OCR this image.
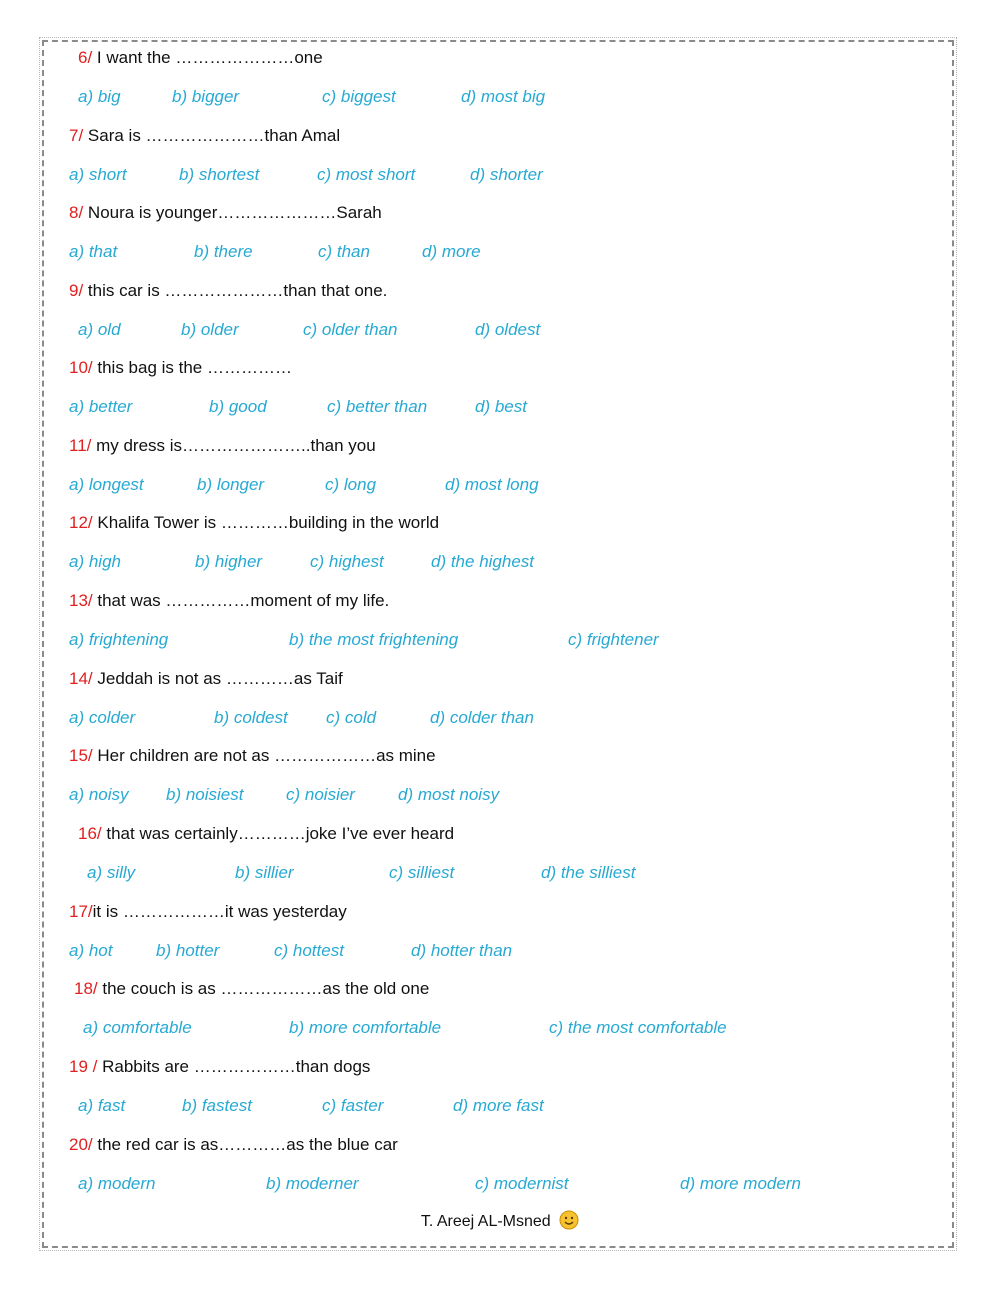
6/ I want the …………………one
a) big	b) bigger	c) biggest	d) most big
7/ Sara is …………………than Amal
a) short	b) shortest	c) most short	d) shorter
8/ Noura is younger…………………Sarah
a) that	b) there	c) than	d) more
9/ this car is …………………than that one.
a) old	b) older	c) older than	d) oldest
10/ this bag is the ……………
a) better	b) good	c) better than	d) best
11/ my dress is…………………..than you
a) longest	b) longer	c) long	d) most long
12/ Khalifa Tower is …………building in the world
a) high	b) higher	c) highest	d) the highest
13/ that was ……………moment of my life.
a) frightening	b) the most frightening	c) frightener
14/ Jeddah is not as …………as Taif
a) colder	b) coldest c) cold	d) colder than
15/ Her children are not as ………………as mine
a) noisy b) noisiest	c) noisier	d) most noisy
16/ that was certainly…………joke I’ve ever heard
a) silly	b) sillier	c) silliest	d) the silliest
17/it is ………………it was yesterday
a) hot	b) hotter	c) hottest	d) hotter than
18/ the couch is as ………………as the old one
a) comfortable	b) more comfortable	c) the most comfortable
19 / Rabbits are ………………than dogs
a) fast	b) fastest	c) faster	d) more fast
20/ the red car is as…………as the blue car
a) modern	b) moderner	c) modernist	d) more modern
T. Areej AL-Msned
